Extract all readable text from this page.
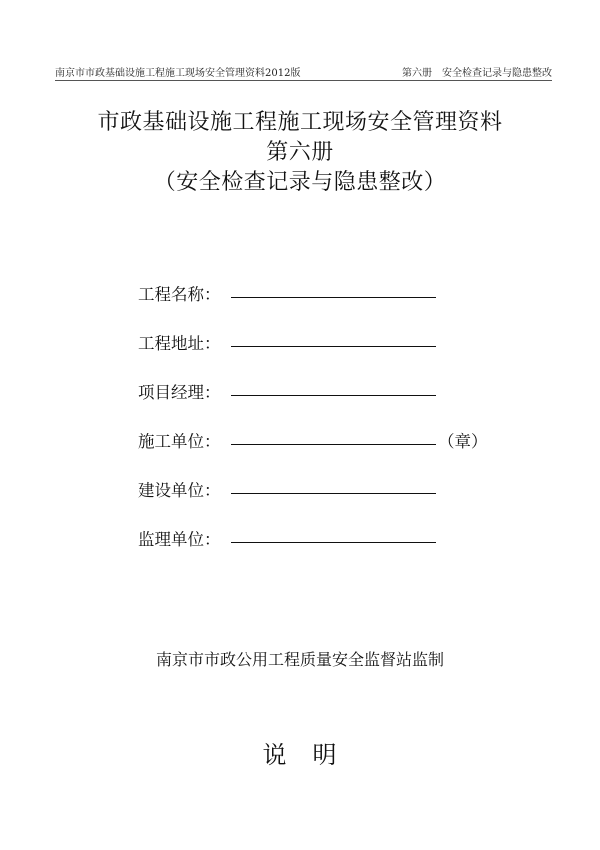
南京市市政基础设施工程施工现场安全管理资料2012版	第六册　安全检查记录与隐患整改
市政基础设施工程施工现场安全管理资料
第六册
（安全检查记录与隐患整改）
工程名称：
工程地址：
项目经理：
施工单位：	（章）
建设单位：
监理单位：
南京市市政公用工程质量安全监督站监制
说　明
